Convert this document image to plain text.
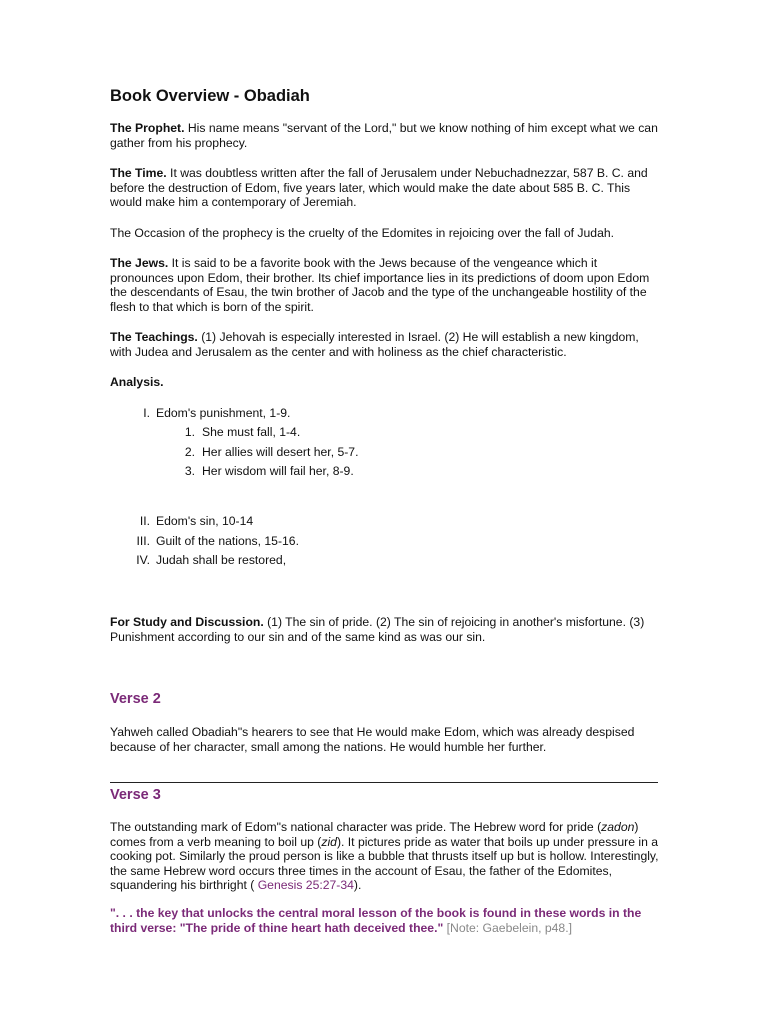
Book Overview - Obadiah

The Prophet. His name means "servant of the Lord," but we know nothing of him except what we can gather from his prophecy.

The Time. It was doubtless written after the fall of Jerusalem under Nebuchadnezzar, 587 B. C. and before the destruction of Edom, five years later, which would make the date about 585 B. C. This would make him a contemporary of Jeremiah.

The Occasion of the prophecy is the cruelty of the Edomites in rejoicing over the fall of Judah.

The Jews. It is said to be a favorite book with the Jews because of the vengeance which it pronounces upon Edom, their brother. Its chief importance lies in its predictions of doom upon Edom the descendants of Esau, the twin brother of Jacob and the type of the unchangeable hostility of the flesh to that which is born of the spirit.

The Teachings. (1) Jehovah is especially interested in Israel. (2) He will establish a new kingdom, with Judea and Jerusalem as the center and with holiness as the chief characteristic.

Analysis.

I. Edom's punishment, 1-9.
1. She must fall, 1-4.
2. Her allies will desert her, 5-7.
3. Her wisdom will fail her, 8-9.
II. Edom's sin, 10-14
III. Guilt of the nations, 15-16.
IV. Judah shall be restored,

For Study and Discussion. (1) The sin of pride. (2) The sin of rejoicing in another's misfortune. (3) Punishment according to our sin and of the same kind as was our sin.

Verse 2

Yahweh called Obadiah"s hearers to see that He would make Edom, which was already despised because of her character, small among the nations. He would humble her further.

Verse 3

The outstanding mark of Edom"s national character was pride. The Hebrew word for pride (zadon) comes from a verb meaning to boil up (zid). It pictures pride as water that boils up under pressure in a cooking pot. Similarly the proud person is like a bubble that thrusts itself up but is hollow. Interestingly, the same Hebrew word occurs three times in the account of Esau, the father of the Edomites, squandering his birthright ( Genesis 25:27-34).

". . . the key that unlocks the central moral lesson of the book is found in these words in the third verse: "The pride of thine heart hath deceived thee." [Note: Gaebelein, p48.]
